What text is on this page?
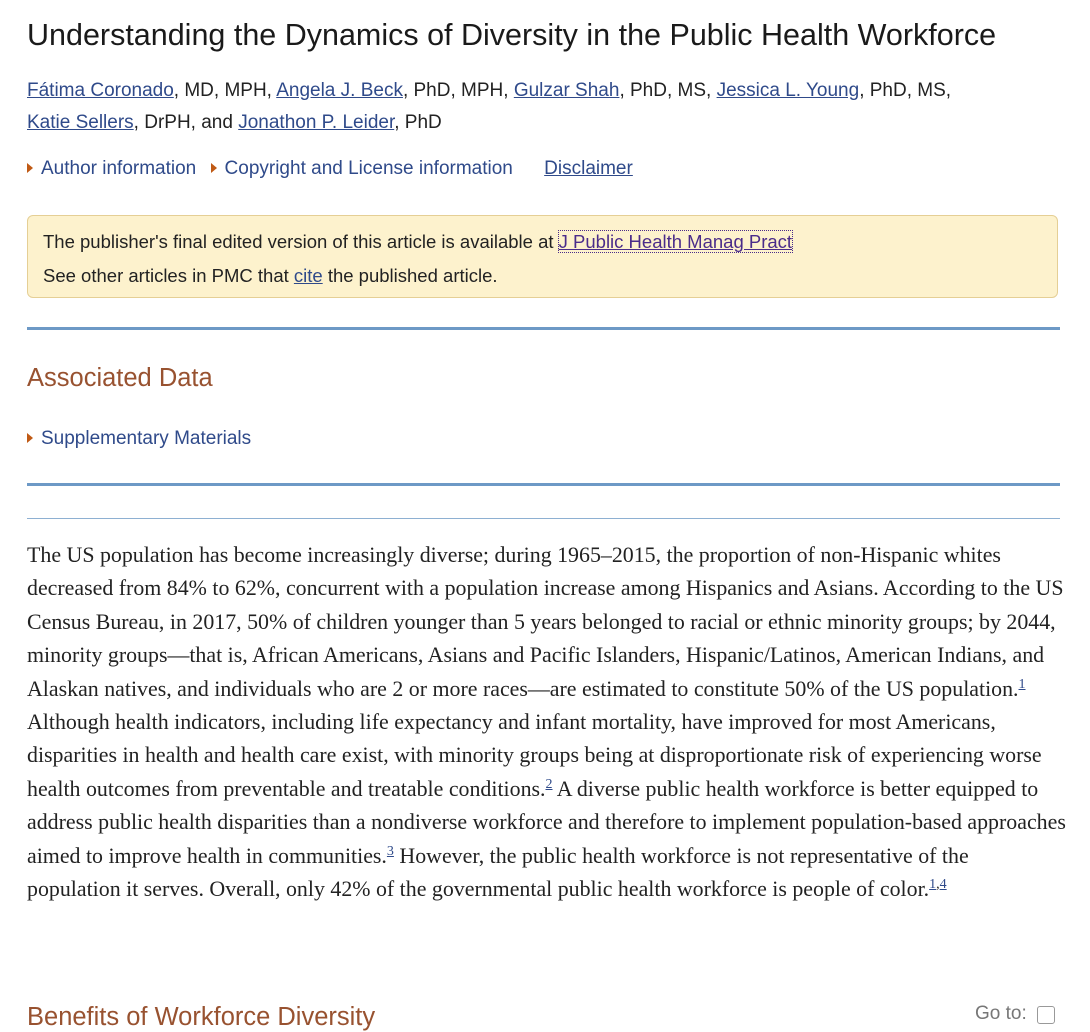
Understanding the Dynamics of Diversity in the Public Health Workforce
Fátima Coronado, MD, MPH, Angela J. Beck, PhD, MPH, Gulzar Shah, PhD, MS, Jessica L. Young, PhD, MS,
Katie Sellers, DrPH, and Jonathon P. Leider, PhD
Author information Copyright and License information Disclaimer
The publisher's final edited version of this article is available at J Public Health Manag Pract
See other articles in PMC that cite the published article.
Associated Data
Supplementary Materials

The US population has become increasingly diverse; during 1965–2015, the proportion of non-Hispanic whites decreased from 84% to 62%, concurrent with a population increase among Hispanics and Asians. According to the US Census Bureau, in 2017, 50% of children younger than 5 years belonged to racial or ethnic minority groups; by 2044, minority groups—that is, African Americans, Asians and Pacific Islanders, Hispanic/Latinos, American Indians, and Alaskan natives, and individuals who are 2 or more races—are estimated to constitute 50% of the US population.$^1$ Although health indicators, including life expectancy and infant mortality, have improved for most Americans, disparities in health and health care exist, with minority groups being at disproportionate risk of experiencing worse health outcomes from preventable and treatable conditions.$^2$ A diverse public health workforce is better equipped to address public health disparities than a nondiverse workforce and therefore to implement population-based approaches aimed to improve health in communities.$^3$ However, the public health workforce is not representative of the population it serves. Overall, only 42% of the governmental public health workforce is people of color.$^{1,4}$

Benefits of Workforce Diversity	Go to:
